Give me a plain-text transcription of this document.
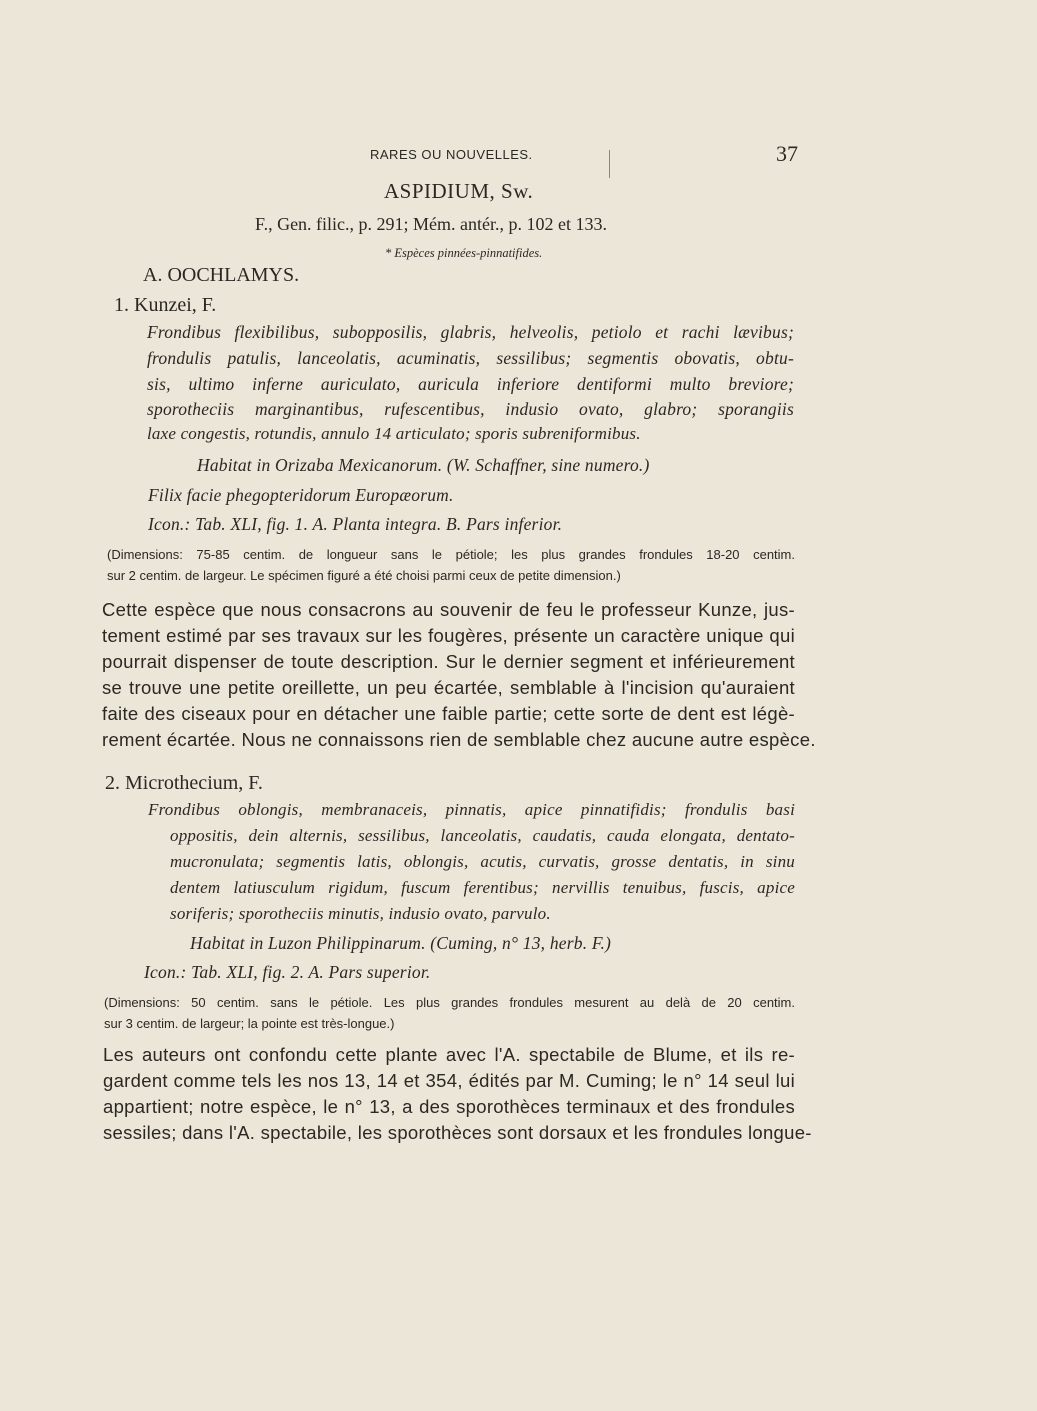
RARES OU NOUVELLES.	37
ASPIDIUM, Sw.
F., Gen. filic., p. 291; Mém. antér., p. 102 et 133.
* Espèces pinnées-pinnatifides.
A. OOCHLAMYS.
1. Kunzei, F.
Frondibus flexibilibus, subopposilis, glabris, helveolis, petiolo et rachi lævibus;
frondulis patulis, lanceolatis, acuminatis, sessilibus; segmentis obovatis, obtu-
sis, ultimo inferne auriculato, auricula inferiore dentiformi multo breviore;
sporotheciis marginantibus, rufescentibus, indusio ovato, glabro; sporangiis
laxe congestis, rotundis, annulo 14 articulato; sporis subreniformibus.
Habitat in Orizaba Mexicanorum. (W. Schaffner, sine numero.)
Filix facie phegopteridorum Europæorum.
Icon.: Tab. XLI, fig. 1. A. Planta integra. B. Pars inferior.
(Dimensions: 75-85 centim. de longueur sans le pétiole; les plus grandes frondules 18-20 centim.
sur 2 centim. de largeur. Le spécimen figuré a été choisi parmi ceux de petite dimension.)
Cette espèce que nous consacrons au souvenir de feu le professeur Kunze, jus-
tement estimé par ses travaux sur les fougères, présente un caractère unique qui
pourrait dispenser de toute description. Sur le dernier segment et inférieurement
se trouve une petite oreillette, un peu écartée, semblable à l'incision qu'auraient
faite des ciseaux pour en détacher une faible partie; cette sorte de dent est légè-
rement écartée. Nous ne connaissons rien de semblable chez aucune autre espèce.
2. Microthecium, F.
Frondibus oblongis, membranaceis, pinnatis, apice pinnatifidis; frondulis basi
oppositis, dein alternis, sessilibus, lanceolatis, caudatis, cauda elongata, dentato-
mucronulata; segmentis latis, oblongis, acutis, curvatis, grosse dentatis, in sinu
dentem latiusculum rigidum, fuscum ferentibus; nervillis tenuibus, fuscis, apice
soriferis; sporotheciis minutis, indusio ovato, parvulo.
Habitat in Luzon Philippinarum. (Cuming, n° 13, herb. F.)
Icon.: Tab. XLI, fig. 2. A. Pars superior.
(Dimensions: 50 centim. sans le pétiole. Les plus grandes frondules mesurent au delà de 20 centim.
sur 3 centim. de largeur; la pointe est très-longue.)
Les auteurs ont confondu cette plante avec l'A. spectabile de Blume, et ils re-
gardent comme tels les nos 13, 14 et 354, édités par M. Cuming; le n° 14 seul lui
appartient; notre espèce, le n° 13, a des sporothèces terminaux et des frondules
sessiles; dans l'A. spectabile, les sporothèces sont dorsaux et les frondules longue-
